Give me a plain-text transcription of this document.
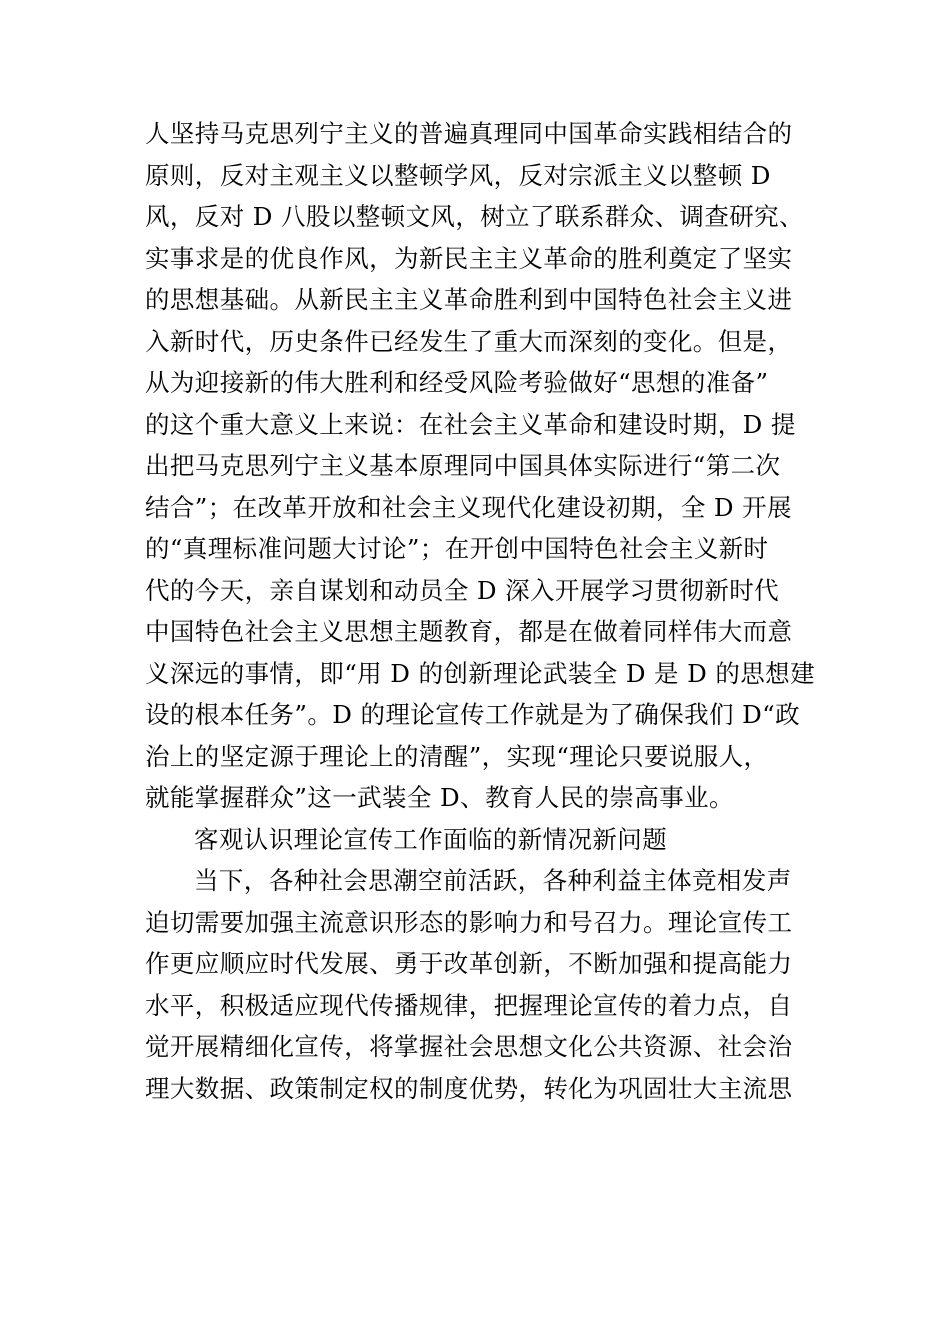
人坚持马克思列宁主义的普遍真理同中国革命实践相结合的
原则，反对主观主义以整顿学风，反对宗派主义以整顿 D
风，反对 D 八股以整顿文风，树立了联系群众、调查研究、
实事求是的优良作风，为新民主主义革命的胜利奠定了坚实
的思想基础。从新民主主义革命胜利到中国特色社会主义进
入新时代，历史条件已经发生了重大而深刻的变化。但是，
从为迎接新的伟大胜利和经受风险考验做好“思想的准备”
的这个重大意义上来说：在社会主义革命和建设时期，D 提
出把马克思列宁主义基本原理同中国具体实际进行“第二次
结合”；在改革开放和社会主义现代化建设初期，全 D 开展
的“真理标准问题大讨论”；在开创中国特色社会主义新时
代的今天，亲自谋划和动员全 D 深入开展学习贯彻新时代
中国特色社会主义思想主题教育，都是在做着同样伟大而意
义深远的事情，即“用 D 的创新理论武装全 D 是 D 的思想建
设的根本任务”。D 的理论宣传工作就是为了确保我们 D“政
治上的坚定源于理论上的清醒”，实现“理论只要说服人，
就能掌握群众”这一武装全 D、教育人民的崇高事业。
客观认识理论宣传工作面临的新情况新问题
当下，各种社会思潮空前活跃，各种利益主体竞相发声
迫切需要加强主流意识形态的影响力和号召力。理论宣传工
作更应顺应时代发展、勇于改革创新，不断加强和提高能力
水平，积极适应现代传播规律，把握理论宣传的着力点，自
觉开展精细化宣传，将掌握社会思想文化公共资源、社会治
理大数据、政策制定权的制度优势，转化为巩固壮大主流思
